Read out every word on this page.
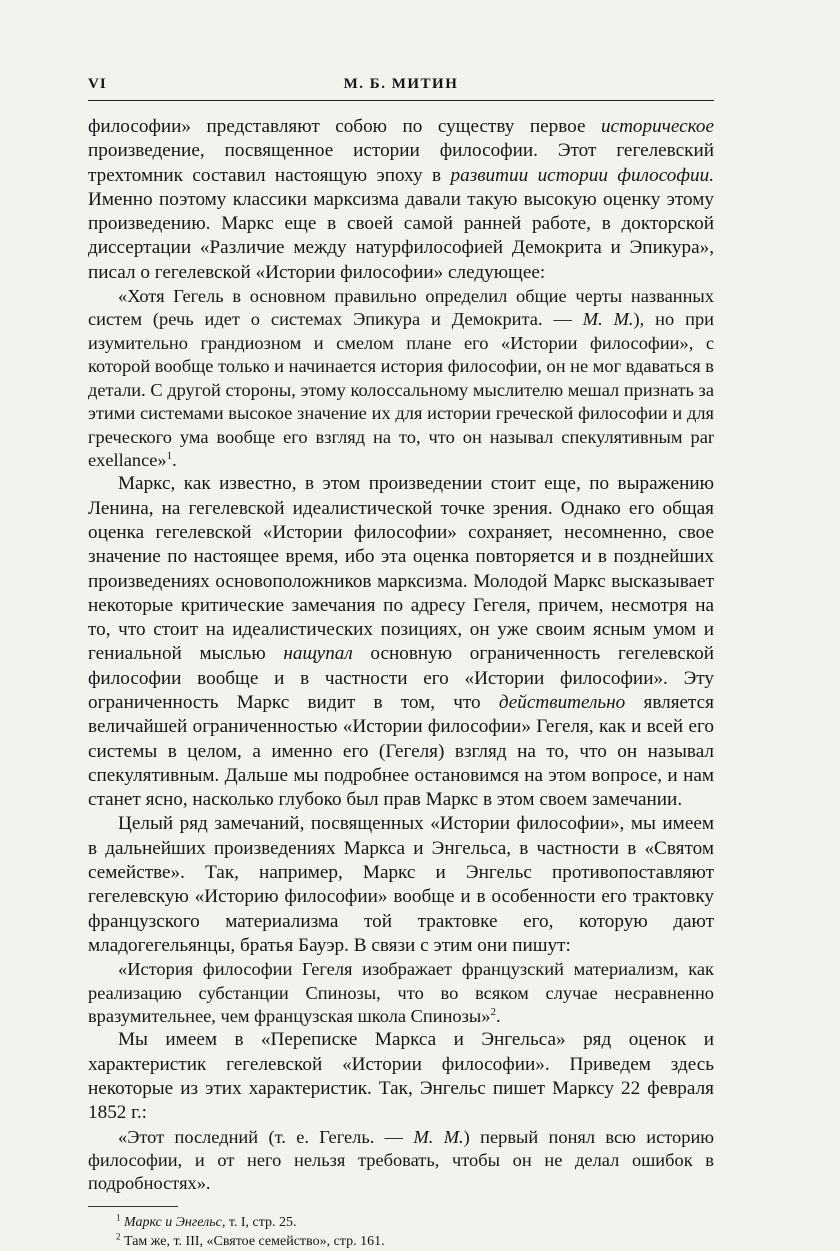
VI	М. Б. МИТИН

философии» представляют собою по существу первое историческое произведение, посвященное истории философии. Этот гегелевский трехтомник составил настоящую эпоху в развитии истории философии. Именно поэтому классики марксизма давали такую высокую оценку этому произведению. Маркс еще в своей самой ранней работе, в докторской диссертации «Различие между натурфилософией Демокрита и Эпикура», писал о гегелевской «Истории философии» следующее:

«Хотя Гегель в основном правильно определил общие черты названных систем (речь идет о системах Эпикура и Демокрита. — М. М.), но при изумительно грандиозном и смелом плане его «Истории философии», с которой вообще только и начинается история философии, он не мог вдаваться в детали. С другой стороны, этому колоссальному мыслителю мешал признать за этими системами высокое значение их для истории греческой философии и для греческого ума вообще его взгляд на то, что он называл спекулятивным par exellance»$^1$.

Маркс, как известно, в этом произведении стоит еще, по выражению Ленина, на гегелевской идеалистической точке зрения. Однако его общая оценка гегелевской «Истории философии» сохраняет, несомненно, свое значение по настоящее время, ибо эта оценка повторяется и в позднейших произведениях основоположников марксизма. Молодой Маркс высказывает некоторые критические замечания по адресу Гегеля, причем, несмотря на то, что стоит на идеалистических позициях, он уже своим ясным умом и гениальной мыслью нащупал основную ограниченность гегелевской философии вообще и в частности его «Истории философии». Эту ограниченность Маркс видит в том, что действительно является величайшей ограниченностью «Истории философии» Гегеля, как и всей его системы в целом, а именно его (Гегеля) взгляд на то, что он называл спекулятивным. Дальше мы подробнее остановимся на этом вопросе, и нам станет ясно, насколько глубоко был прав Маркс в этом своем замечании.

Целый ряд замечаний, посвященных «Истории философии», мы имеем в дальнейших произведениях Маркса и Энгельса, в частности в «Святом семействе». Так, например, Маркс и Энгельс противопоставляют гегелевскую «Историю философии» вообще и в особенности его трактовку французского материализма той трактовке его, которую дают младогегельянцы, братья Бауэр. В связи с этим они пишут:

«История философии Гегеля изображает французский материализм, как реализацию субстанции Спинозы, что во всяком случае несравненно вразумительнее, чем французская школа Спинозы»$^2$.

Мы имеем в «Переписке Маркса и Энгельса» ряд оценок и характеристик гегелевской «Истории философии». Приведем здесь некоторые из этих характеристик. Так, Энгельс пишет Марксу 22 февраля 1852 г.:

«Этот последний (т. е. Гегель. — М. М.) первый понял всю историю философии, и от него нельзя требовать, чтобы он не делал ошибок в подробностях».

$^1$ Маркс и Энгельс, т. I, стр. 25.
$^2$ Там же, т. III, «Святое семейство», стр. 161.
